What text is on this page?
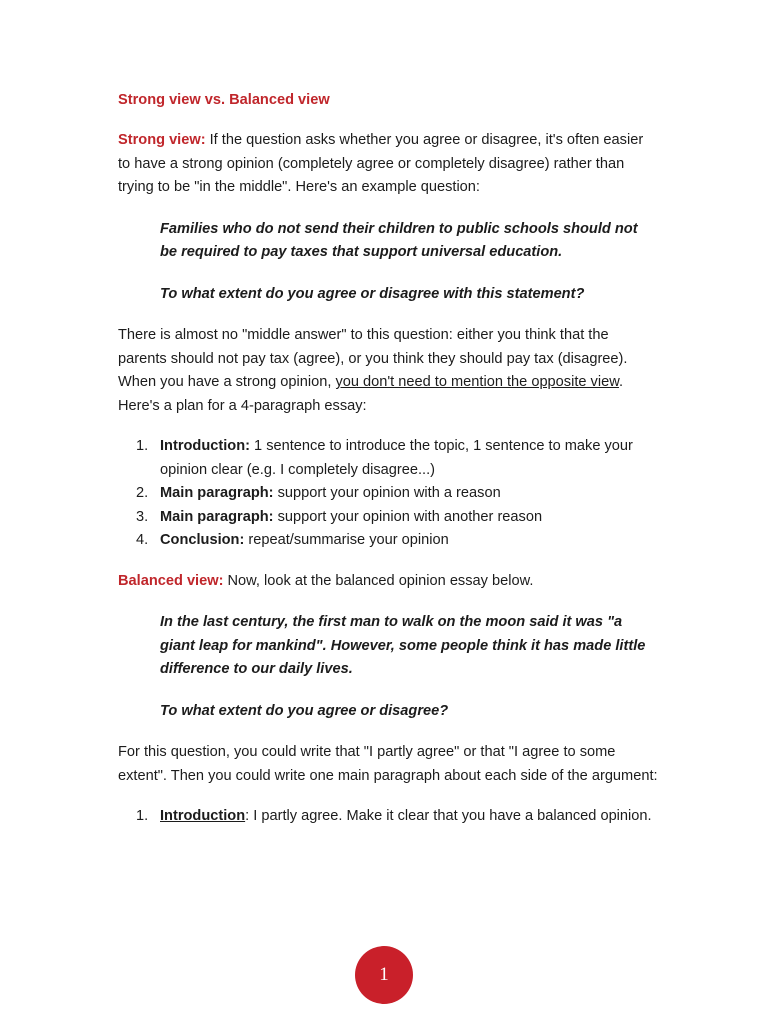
Strong view vs. Balanced view

Strong view: If the question asks whether you agree or disagree, it's often easier to have a strong opinion (completely agree or completely disagree) rather than trying to be "in the middle". Here's an example question:

Families who do not send their children to public schools should not be required to pay taxes that support universal education.

To what extent do you agree or disagree with this statement?

There is almost no "middle answer" to this question: either you think that the parents should not pay tax (agree), or you think they should pay tax (disagree). When you have a strong opinion, you don't need to mention the opposite view.

Here's a plan for a 4-paragraph essay:

1. Introduction: 1 sentence to introduce the topic, 1 sentence to make your opinion clear (e.g. I completely disagree...)
2. Main paragraph: support your opinion with a reason
3. Main paragraph: support your opinion with another reason
4. Conclusion: repeat/summarise your opinion

Balanced view: Now, look at the balanced opinion essay below.

In the last century, the first man to walk on the moon said it was "a giant leap for mankind". However, some people think it has made little difference to our daily lives.

To what extent do you agree or disagree?

For this question, you could write that "I partly agree" or that "I agree to some extent". Then you could write one main paragraph about each side of the argument:

1. Introduction: I partly agree. Make it clear that you have a balanced opinion.
1
